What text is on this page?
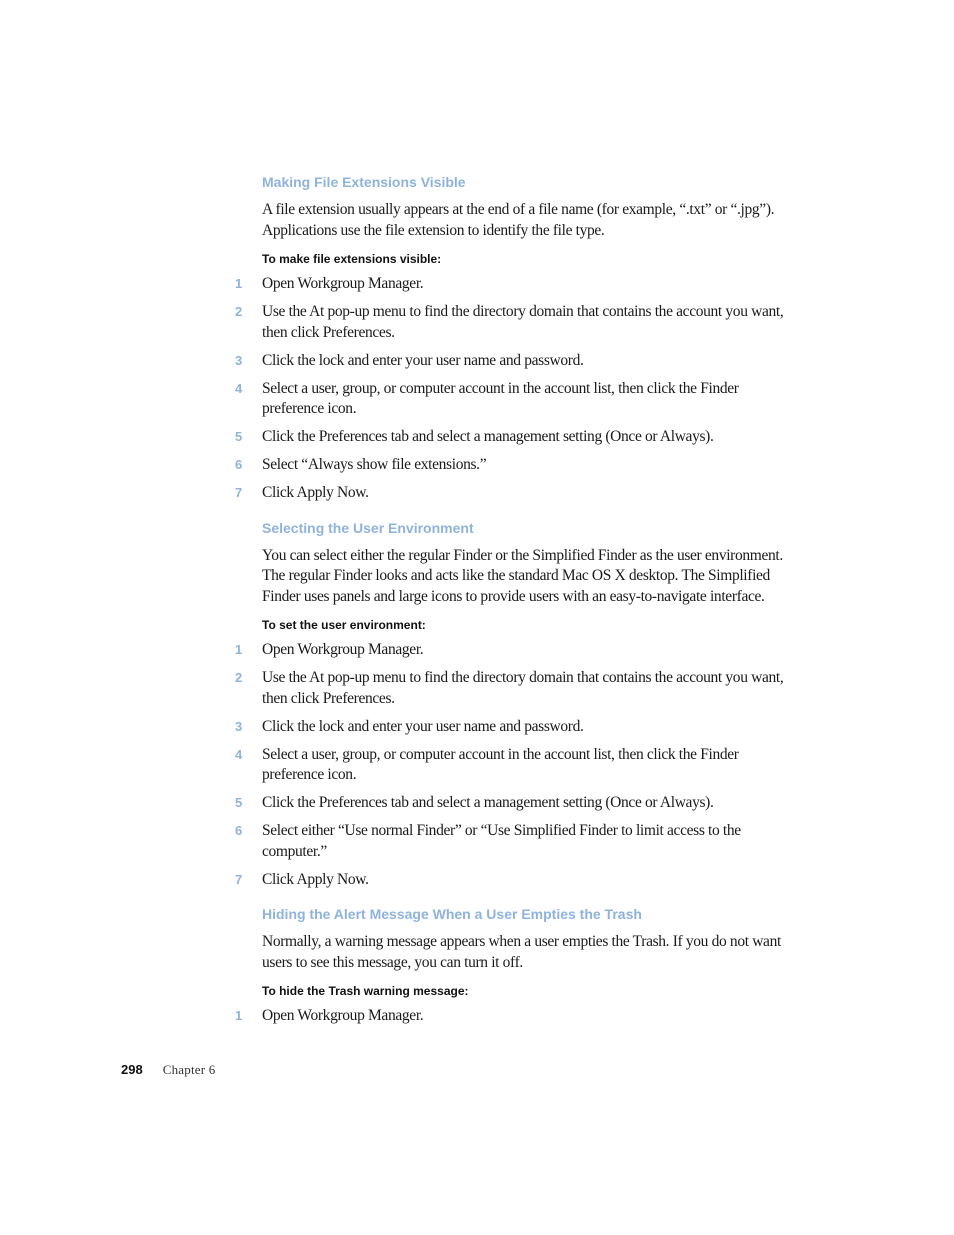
Making File Extensions Visible

A file extension usually appears at the end of a file name (for example, “.txt” or “.jpg”). Applications use the file extension to identify the file type.

To make file extensions visible:
1 Open Workgroup Manager.
2 Use the At pop-up menu to find the directory domain that contains the account you want, then click Preferences.
3 Click the lock and enter your user name and password.
4 Select a user, group, or computer account in the account list, then click the Finder preference icon.
5 Click the Preferences tab and select a management setting (Once or Always).
6 Select “Always show file extensions.”
7 Click Apply Now.
Selecting the User Environment

You can select either the regular Finder or the Simplified Finder as the user environment. The regular Finder looks and acts like the standard Mac OS X desktop. The Simplified Finder uses panels and large icons to provide users with an easy-to-navigate interface.

To set the user environment:
1 Open Workgroup Manager.
2 Use the At pop-up menu to find the directory domain that contains the account you want, then click Preferences.
3 Click the lock and enter your user name and password.
4 Select a user, group, or computer account in the account list, then click the Finder preference icon.
5 Click the Preferences tab and select a management setting (Once or Always).
6 Select either “Use normal Finder” or “Use Simplified Finder to limit access to the computer.”
7 Click Apply Now.
Hiding the Alert Message When a User Empties the Trash

Normally, a warning message appears when a user empties the Trash. If you do not want users to see this message, you can turn it off.

To hide the Trash warning message:
1 Open Workgroup Manager.
298 Chapter 6
